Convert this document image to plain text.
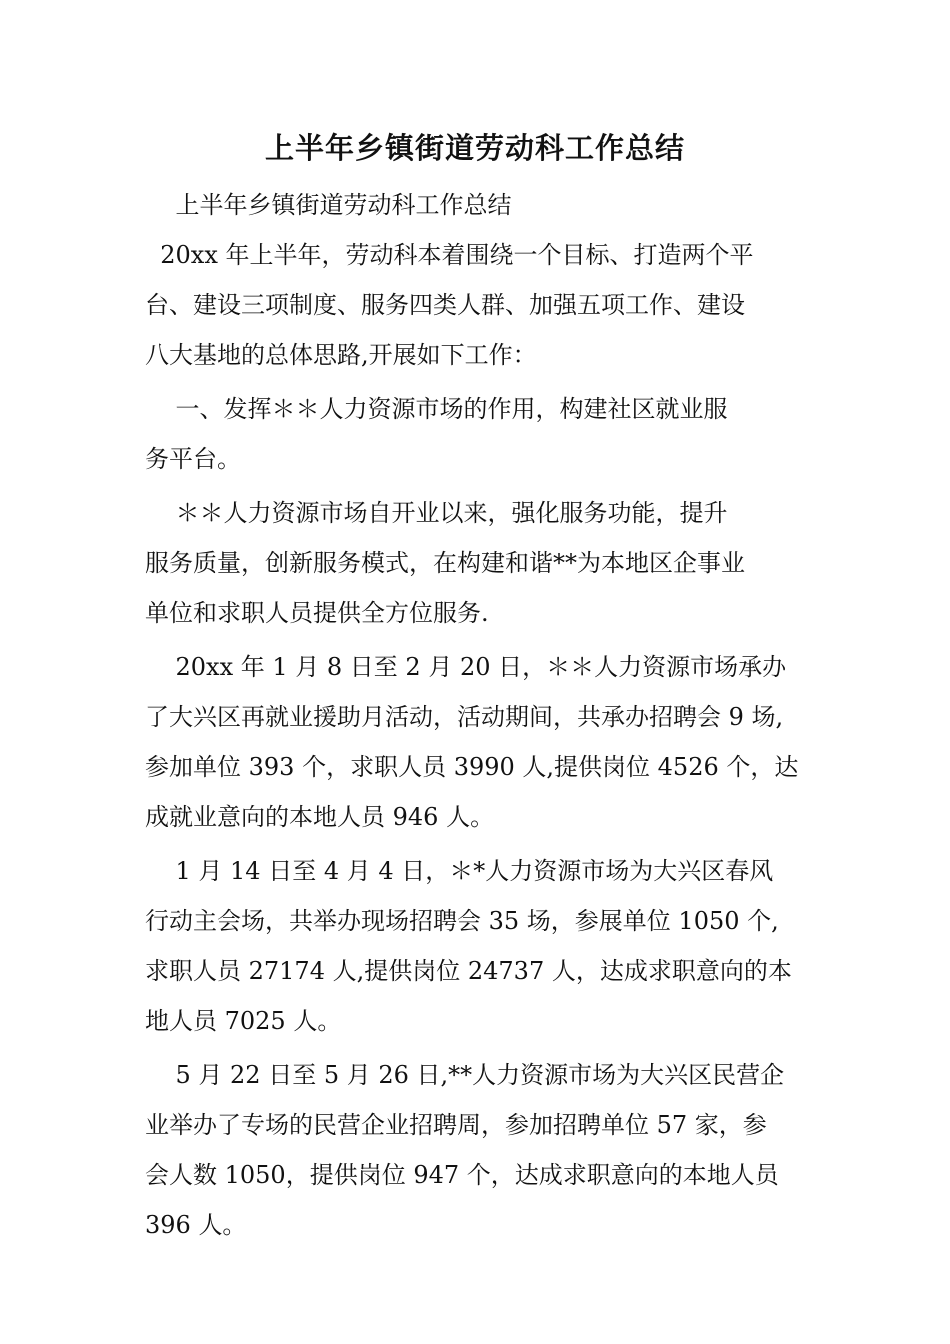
上半年乡镇街道劳动科工作总结

上半年乡镇街道劳动科工作总结

20xx 年上半年，劳动科本着围绕一个目标、打造两个平
台、建设三项制度、服务四类人群、加强五项工作、建设
八大基地的总体思路,开展如下工作：

一、发挥＊＊人力资源市场的作用，构建社区就业服
务平台。

＊＊人力资源市场自开业以来，强化服务功能，提升
服务质量，创新服务模式，在构建和谐**为本地区企事业
单位和求职人员提供全方位服务.

20xx 年 1 月 8 日至 2 月 20 日，＊＊人力资源市场承办
了大兴区再就业援助月活动，活动期间，共承办招聘会 9 场,
参加单位 393 个，求职人员 3990 人,提供岗位 4526 个，达
成就业意向的本地人员 946 人。

1 月 14 日至 4 月 4 日，＊*人力资源市场为大兴区春风
行动主会场，共举办现场招聘会 35 场，参展单位 1050 个,
求职人员 27174 人,提供岗位 24737 人，达成求职意向的本
地人员 7025 人。

5 月 22 日至 5 月 26 日,**人力资源市场为大兴区民营企
业举办了专场的民营企业招聘周，参加招聘单位 57 家，参
会人数 1050，提供岗位 947 个，达成求职意向的本地人员
396 人。
